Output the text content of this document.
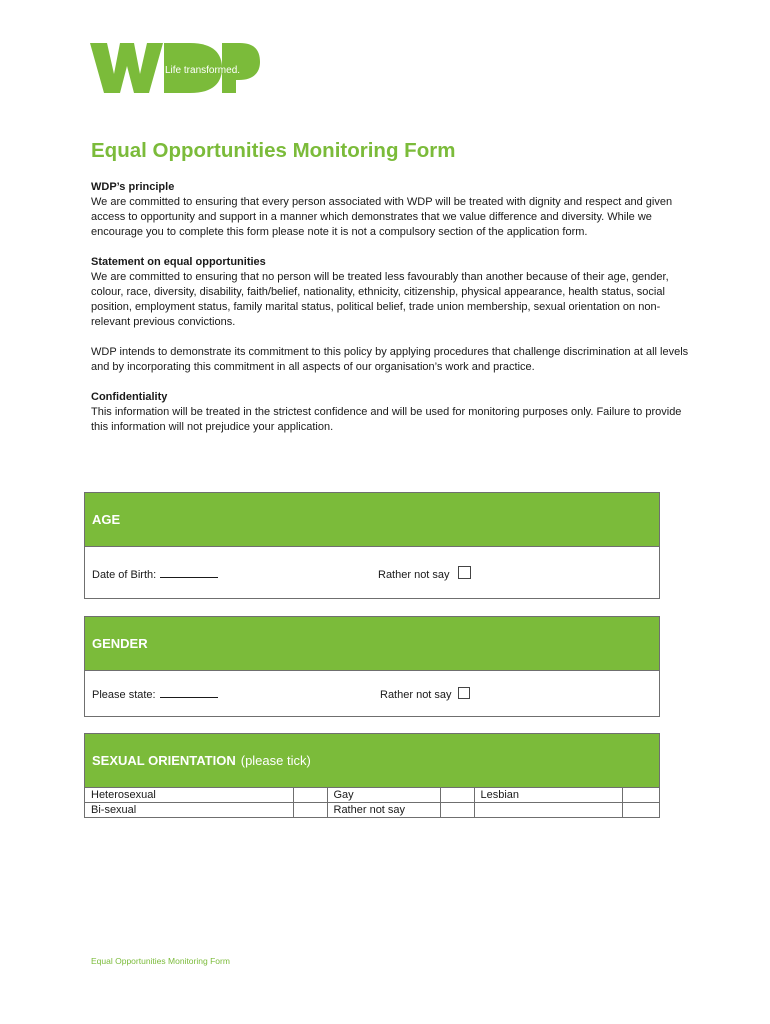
Life transformed.
Equal Opportunities Monitoring Form
WDP’s principle

We are committed to ensuring that every person associated with WDP will be treated with dignity and respect and given access to opportunity and support in a manner which demonstrates that we value difference and diversity. While we encourage you to complete this form please note it is not a compulsory section of the application form.

Statement on equal opportunities

We are committed to ensuring that no person will be treated less favourably than another because of their age, gender, colour, race, diversity, disability, faith/belief, nationality, ethnicity, citizenship, physical appearance, health status, social position, employment status, family marital status, political belief, trade union membership, sexual orientation on non-relevant previous convictions.

WDP intends to demonstrate its commitment to this policy by applying procedures that challenge discrimination at all levels and by incorporating this commitment in all aspects of our organisation’s work and practice.

Confidentiality

This information will be treated in the strictest confidence and will be used for monitoring purposes only. Failure to provide this information will not prejudice your application.

AGE
Date of Birth:	Rather not say
GENDER
Please state:	Rather not say
SEXUAL ORIENTATION (please tick)
Heterosexual		Gay		Lesbian	
Bi-sexual		Rather not say			
Equal Opportunities Monitoring Form
